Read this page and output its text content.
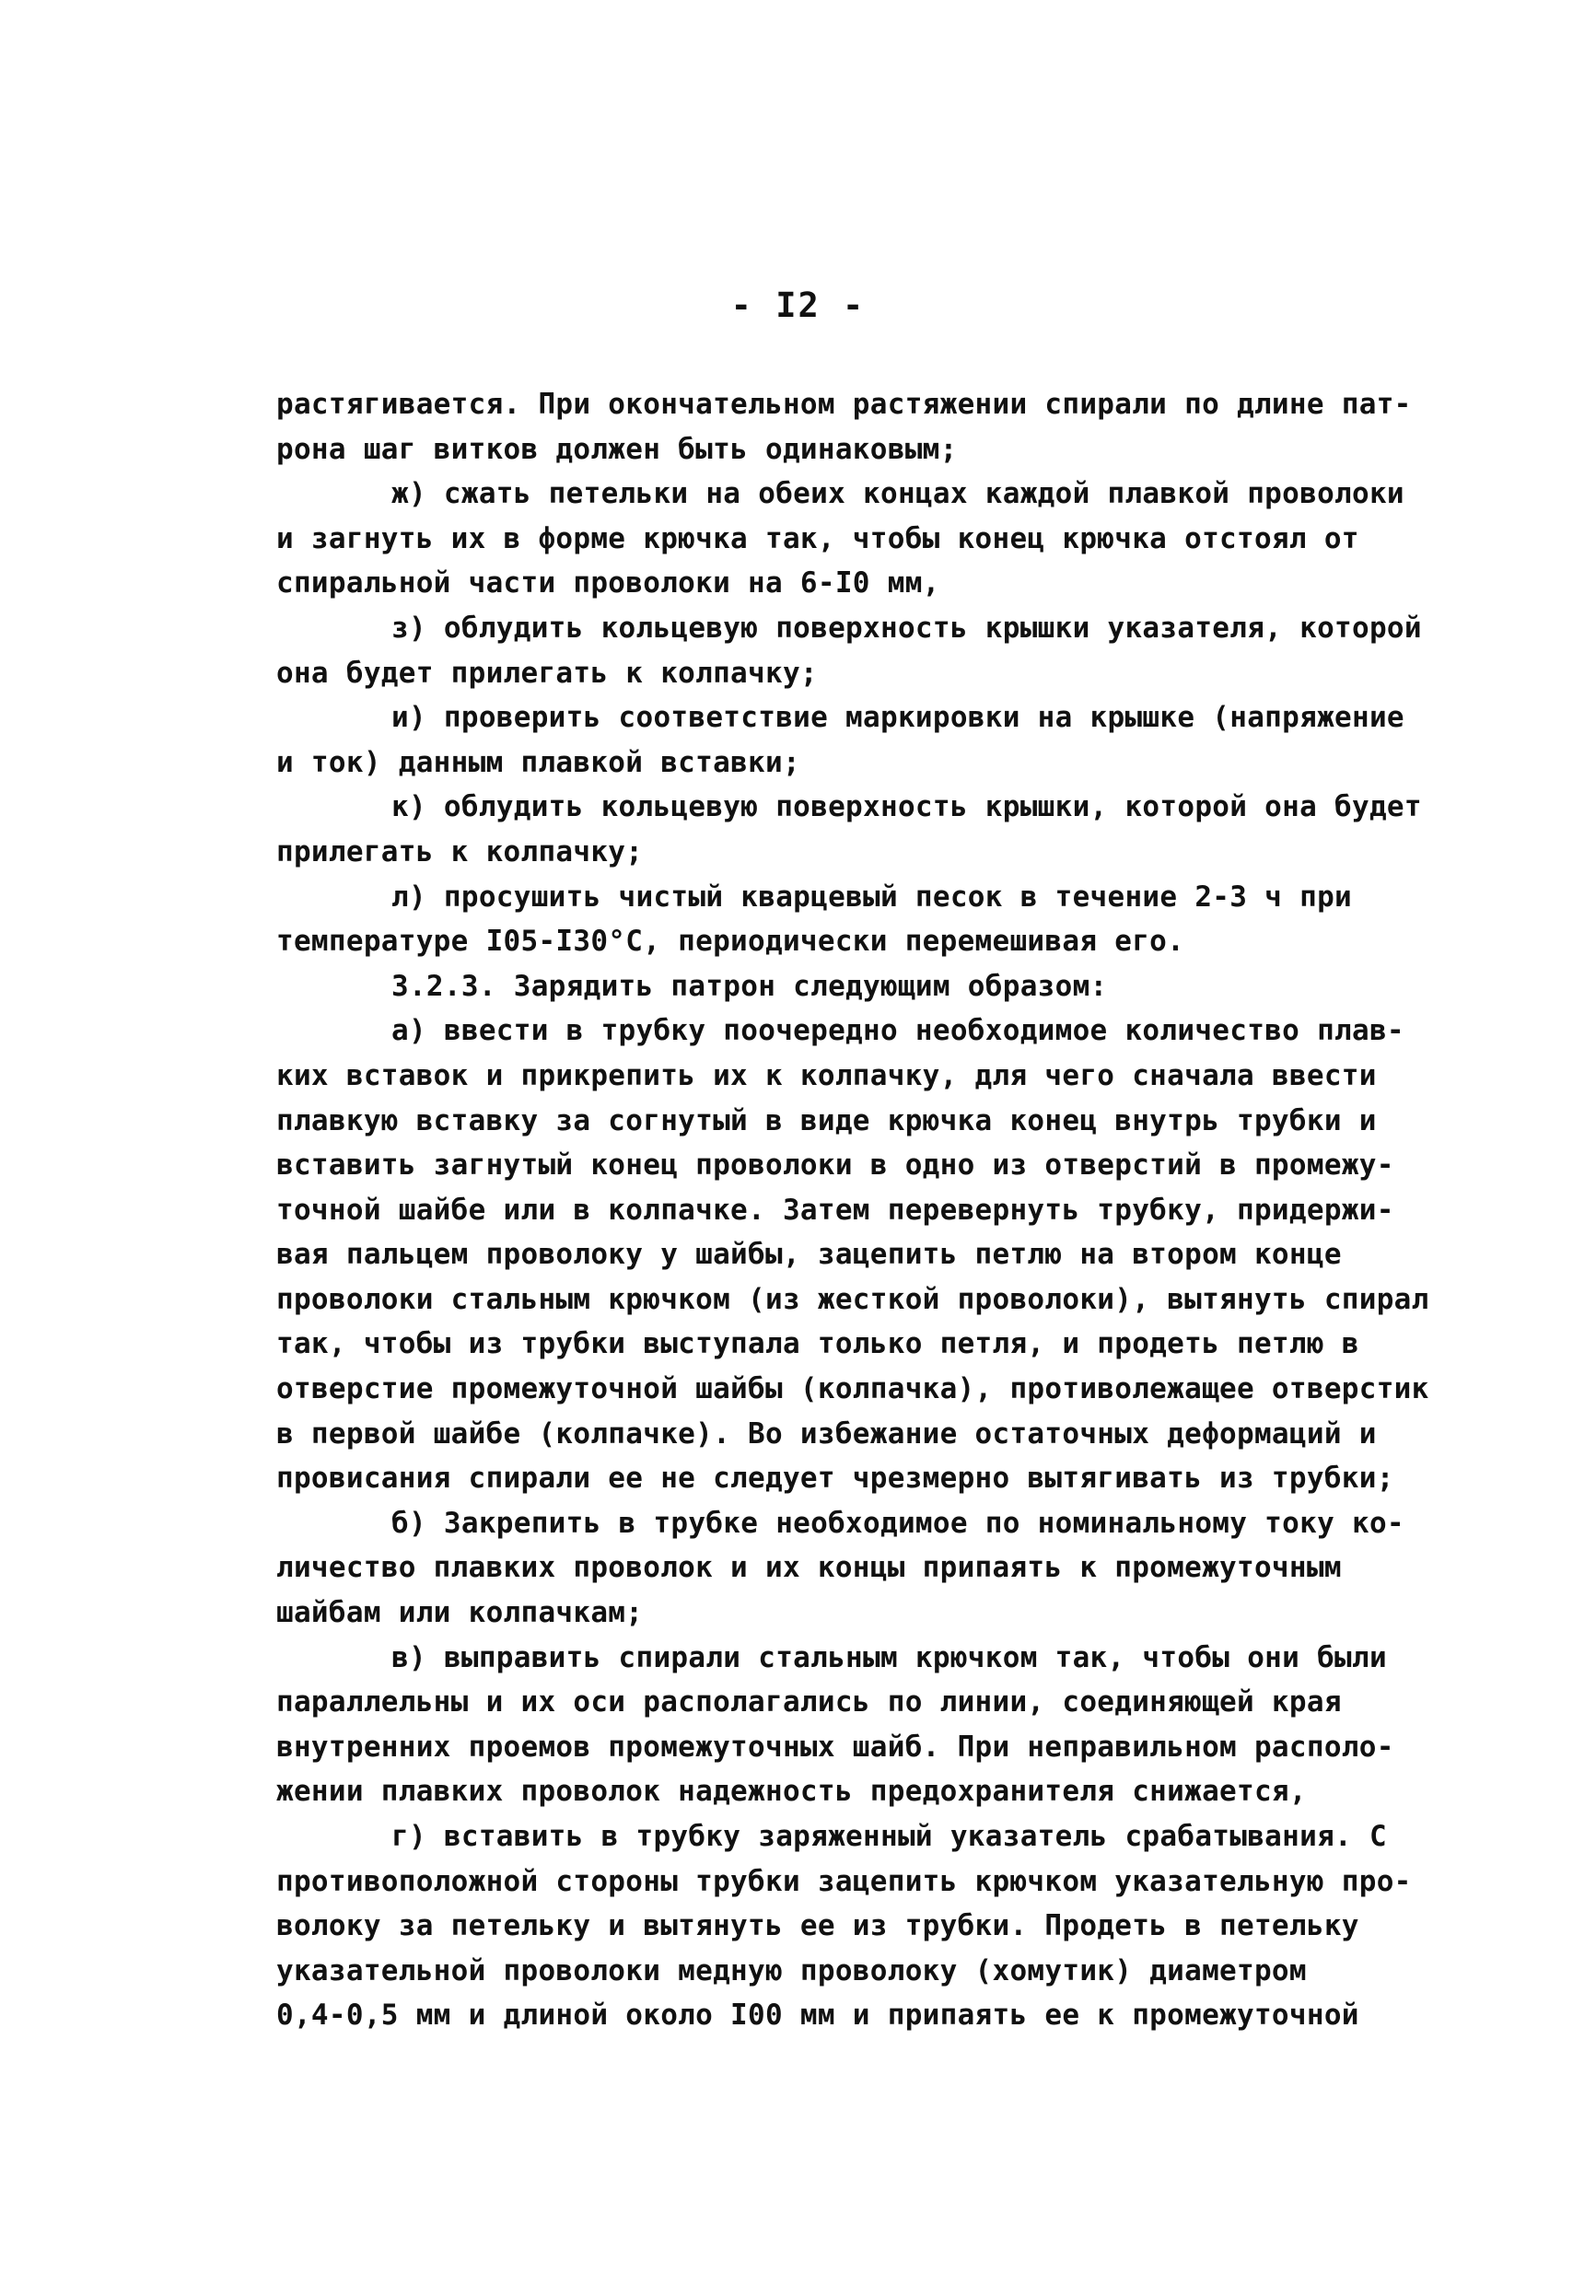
- I2 -
растягивается. При окончательном растяжении спирали по длине пат-
рона шаг витков должен быть одинаковым;
ж) сжать петельки на обеих концах каждой плавкой проволоки
и загнуть их в форме крючка так, чтобы конец крючка отстоял от
спиральной части проволоки на 6-I0 мм,
з) облудить кольцевую поверхность крышки указателя, которой
она будет прилегать к колпачку;
и) проверить соответствие маркировки на крышке (напряжение
и ток) данным плавкой вставки;
к) облудить кольцевую поверхность крышки, которой она будет
прилегать к колпачку;
л) просушить чистый кварцевый песок в течение 2-3 ч при
температуре I05-I30°С, периодически перемешивая его.
3.2.3. Зарядить патрон следующим образом:
а) ввести в трубку поочередно необходимое количество плав-
ких вставок и прикрепить их к колпачку, для чего сначала ввести
плавкую вставку за согнутый в виде крючка конец внутрь трубки и
вставить загнутый конец проволоки в одно из отверстий в промежу-
точной шайбе или в колпачке. Затем перевернуть трубку, придержи-
вая пальцем проволоку у шайбы, зацепить петлю на втором конце
проволоки стальным крючком (из жесткой проволоки), вытянуть спирал
так, чтобы из трубки выступала только петля, и продеть петлю в
отверстие промежуточной шайбы (колпачка), противолежащее отверстик
в первой шайбе (колпачке). Во избежание остаточных деформаций и
провисания спирали ее не следует чрезмерно вытягивать из трубки;
б) Закрепить в трубке необходимое по номинальному току ко-
личество плавких проволок и их концы припаять к промежуточным
шайбам или колпачкам;
в) выправить спирали стальным крючком так, чтобы они были
параллельны и их оси располагались по линии, соединяющей края
внутренних проемов промежуточных шайб. При неправильном располо-
жении плавких проволок надежность предохранителя снижается,
г) вставить в трубку заряженный указатель срабатывания. С
противоположной стороны трубки зацепить крючком указательную про-
волоку за петельку и вытянуть ее из трубки. Продеть в петельку
указательной проволоки медную проволоку (хомутик) диаметром
0,4-0,5 мм и длиной около I00 мм и припаять ее к промежуточной
